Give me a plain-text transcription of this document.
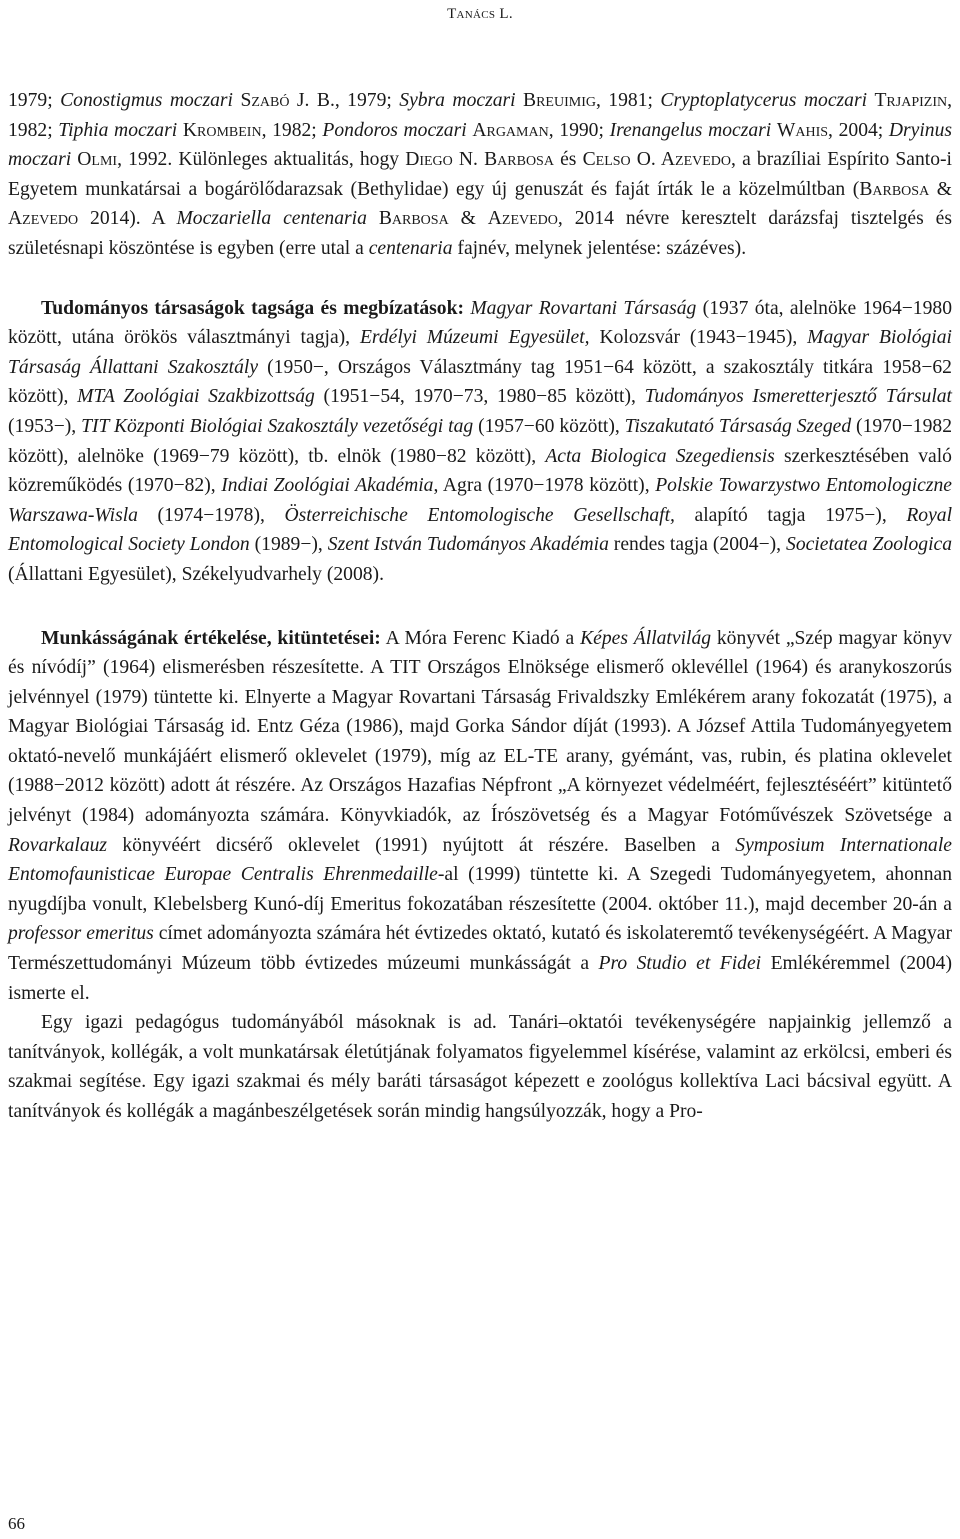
Tanács L.

1979; Conostigmus moczari Szabó J. B., 1979; Sybra moczari Breuimig, 1981; Cryptoplatycerus moczari Trjapizin, 1982; Tiphia moczari Krombein, 1982; Pondoros moczari Argaman, 1990; Irenangelus moczari Wahis, 2004; Dryinus moczari Olmi, 1992. Különleges aktualitás, hogy Diego N. Barbosa és Celso O. Azevedo, a brazíliai Espírito Santo-i Egyetem munkatársai a bogárölődarazsak (Bethylidae) egy új genuszát és faját írták le a közelmúltban (Barbosa & Azevedo 2014). A Moczariella centenaria Barbosa & Azevedo, 2014 névre keresztelt darázsfaj tisztelgés és születésnapi köszöntése is egyben (erre utal a centenaria fajnév, melynek jelentése: százéves).

Tudományos társaságok tagsága és megbízatások: Magyar Rovartani Társaság (1937 óta, alelnöke 1964−1980 között, utána örökös választmányi tagja), Erdélyi Múzeumi Egyesület, Kolozsvár (1943−1945), Magyar Biológiai Társaság Állattani Szakosztály (1950−, Országos Választmány tag 1951−64 között, a szakosztály titkára 1958−62 között), MTA Zoológiai Szakbizottság (1951−54, 1970−73, 1980−85 között), Tudományos Ismeretterjesztő Társulat (1953−), TIT Központi Biológiai Szakosztály vezetőségi tag (1957−60 között), Tiszakutató Társaság Szeged (1970−1982 között), alelnöke (1969−79 között), tb. elnök (1980−82 között), Acta Biologica Szegediensis szerkesztésében való közreműködés (1970−82), Indiai Zoológiai Akadémia, Agra (1970−1978 között), Polskie Towarzystwo Entomologiczne Warszawa-Wisla (1974−1978), Österreichische Entomologische Gesellschaft, alapító tagja 1975−), Royal Entomological Society London (1989−), Szent István Tudományos Akadémia rendes tagja (2004−), Societatea Zoologica (Állattani Egyesület), Székelyudvarhely (2008).

Munkásságának értékelése, kitüntetései: A Móra Ferenc Kiadó a Képes Állatvilág könyvét „Szép magyar könyv és nívódíj” (1964) elismerésben részesítette. A TIT Országos Elnöksége elismerő oklevéllel (1964) és aranykoszorús jelvénnyel (1979) tüntette ki. Elnyerte a Magyar Rovartani Társaság Frivaldszky Emlékérem arany fokozatát (1975), a Magyar Biológiai Társaság id. Entz Géza (1986), majd Gorka Sándor díját (1993). A József Attila Tudományegyetem oktató-nevelő munkájáért elismerő oklevelet (1979), míg az EL-TE arany, gyémánt, vas, rubin, és platina oklevelet (1988−2012 között) adott át részére. Az Országos Hazafias Népfront „A környezet védelméért, fejlesztéséért” kitüntető jelvényt (1984) adományozta számára. Könyvkiadók, az Írószövetség és a Magyar Fotóművészek Szövetsége a Rovarkalauz könyvéért dicsérő oklevelet (1991) nyújtott át részére. Baselben a Symposium Internationale Entomofaunisticae Europae Centralis Ehrenmedaille-al (1999) tüntette ki. A Szegedi Tudományegyetem, ahonnan nyugdíjba vonult, Klebelsberg Kunó-díj Emeritus fokozatában részesítette (2004. október 11.), majd december 20-án a professor emeritus címet adományozta számára hét évtizedes oktató, kutató és iskolateremtő tevékenységéért. A Magyar Természettudományi Múzeum több évtizedes múzeumi munkásságát a Pro Studio et Fidei Emlékéremmel (2004) ismerte el.

Egy igazi pedagógus tudományából másoknak is ad. Tanári–oktatói tevékenységére napjainkig jellemző a tanítványok, kollégák, a volt munkatársak életútjának folyamatos figyelemmel kísérése, valamint az erkölcsi, emberi és szakmai segítése. Egy igazi szakmai és mély baráti társaságot képezett e zoológus kollektíva Laci bácsival együtt. A tanítványok és kollégák a magánbeszélgetések során mindig hangsúlyozzák, hogy a Pro-

66
